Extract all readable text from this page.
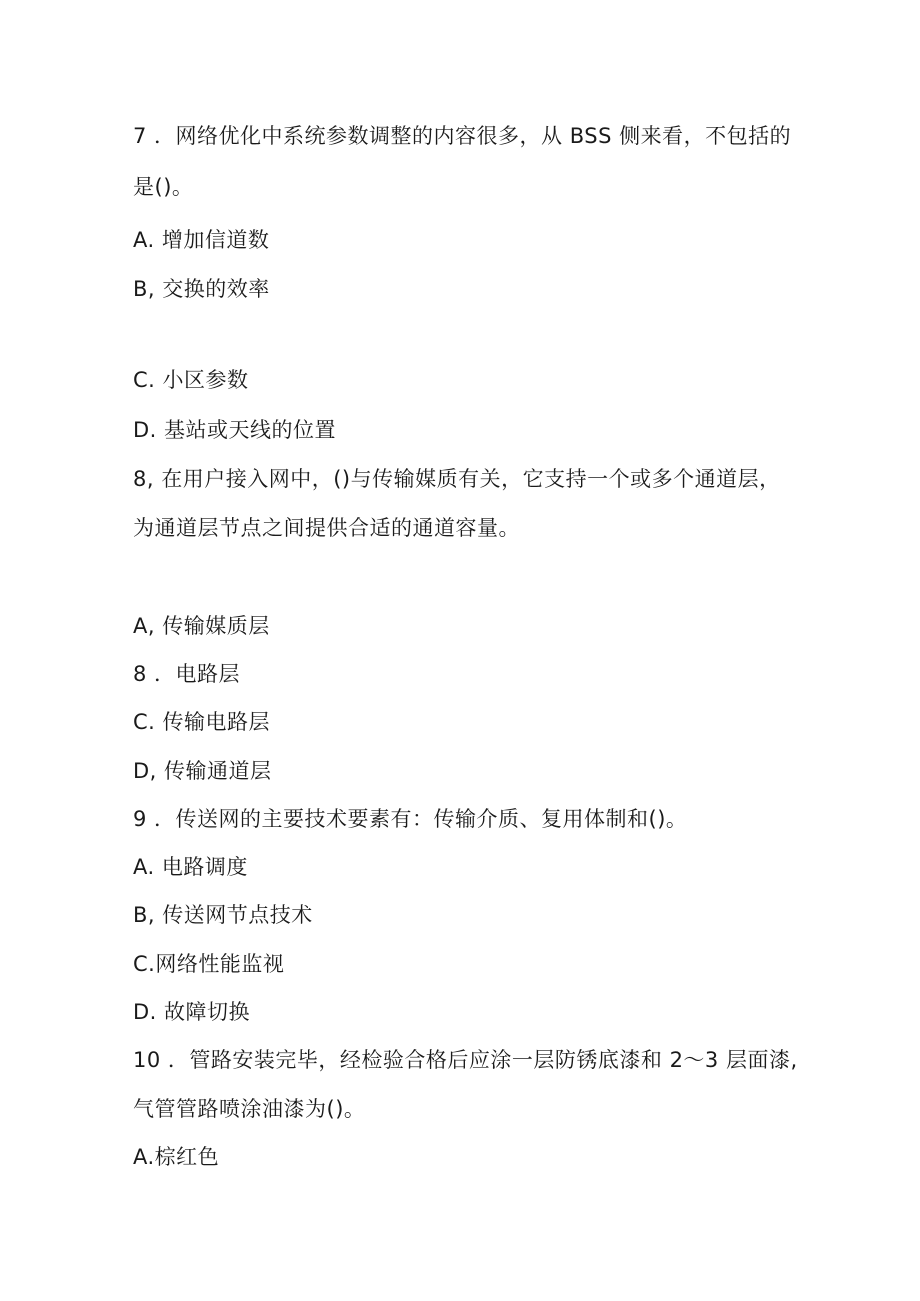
7 ．网络优化中系统参数调整的内容很多，从 BSS 侧来看，不包括的
是()。
A. 增加信道数
B, 交换的效率
C. 小区参数
D. 基站或天线的位置
8, 在用户接入网中，()与传输媒质有关，它支持一个或多个通道层，
为通道层节点之间提供合适的通道容量。
A, 传输媒质层
8 ．电路层
C. 传输电路层
D, 传输通道层
9 ．传送网的主要技术要素有：传输介质、复用体制和()。
A. 电路调度
B, 传送网节点技术
C.网络性能监视
D. 故障切换
10 ．管路安装完毕，经检验合格后应涂一层防锈底漆和 2～3 层面漆,
气管管路喷涂油漆为()。
A.棕红色
